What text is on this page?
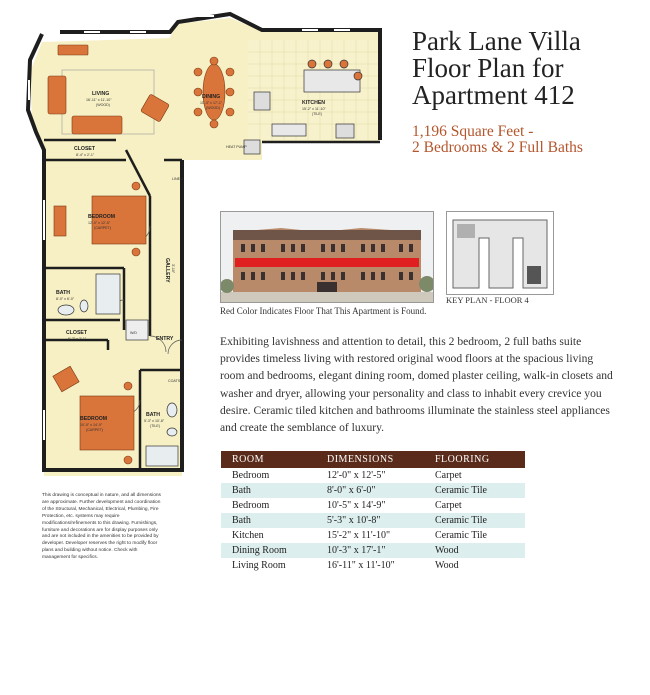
LIVING
16'-11" x 11'-10"
(WOOD)
DINING
10'-3" x 17'-1"
(WOOD)
KITCHEN
15'-2" x 11'-10"
(TILE)
CLOSET
8'-4" x 2'-1"
BEDROOM
12'-0" x 12'-5"
(CARPET)
BATH
8'-0" x 6'-0"
CLOSET
6'-7" x 2'-1"
BEDROOM
10'-5" x 14'-9"
(CARPET)
BATH
5'-3" x 10'-8"
(TILE)
GALLERY 3'-10"
ENTRY
HEAT PUMP
LINEN
COATS
W/D
Park Lane Villa
Floor Plan for
Apartment 412
1,196 Square Feet -
2 Bedrooms & 2 Full Baths
Red Color Indicates Floor That This Apartment is Found.
KEY PLAN - FLOOR 4
Exhibiting lavishness and attention to detail, this 2 bedroom, 2 full baths suite provides timeless living with restored original wood floors at the spacious living room and bedrooms, elegant dining room, domed plaster ceiling, walk-in closets and washer and dryer, allowing your personality and class to inhabit every crevice you desire. Ceramic tiled kitchen and bathrooms illuminate the stainless steel appliances and create the semblance of luxury.
ROOM	DIMENSIONS	FLOORING
Bedroom	12'-0" x 12'-5"	Carpet
Bath	8'-0" x 6'-0"	Ceramic Tile
Bedroom	10'-5" x 14'-9"	Carpet
Bath	5'-3" x 10'-8"	Ceramic Tile
Kitchen	15'-2" x 11'-10"	Ceramic Tile
Dining Room	10'-3" x 17'-1"	Wood
Living Room	16'-11" x 11'-10"	Wood
This drawing is conceptual in nature, and all dimensions are approximate. Further development and coordination of the Structural, Mechanical, Electrical, Plumbing, Fire Protection, etc. systems may require modifications/refinements to this drawing. Furnishings, furniture and decorations are for display purposes only and are not included in the amenities to be provided by developer. Developer reserves the right to modify floor plans and building without notice. Check with management for specifics.
